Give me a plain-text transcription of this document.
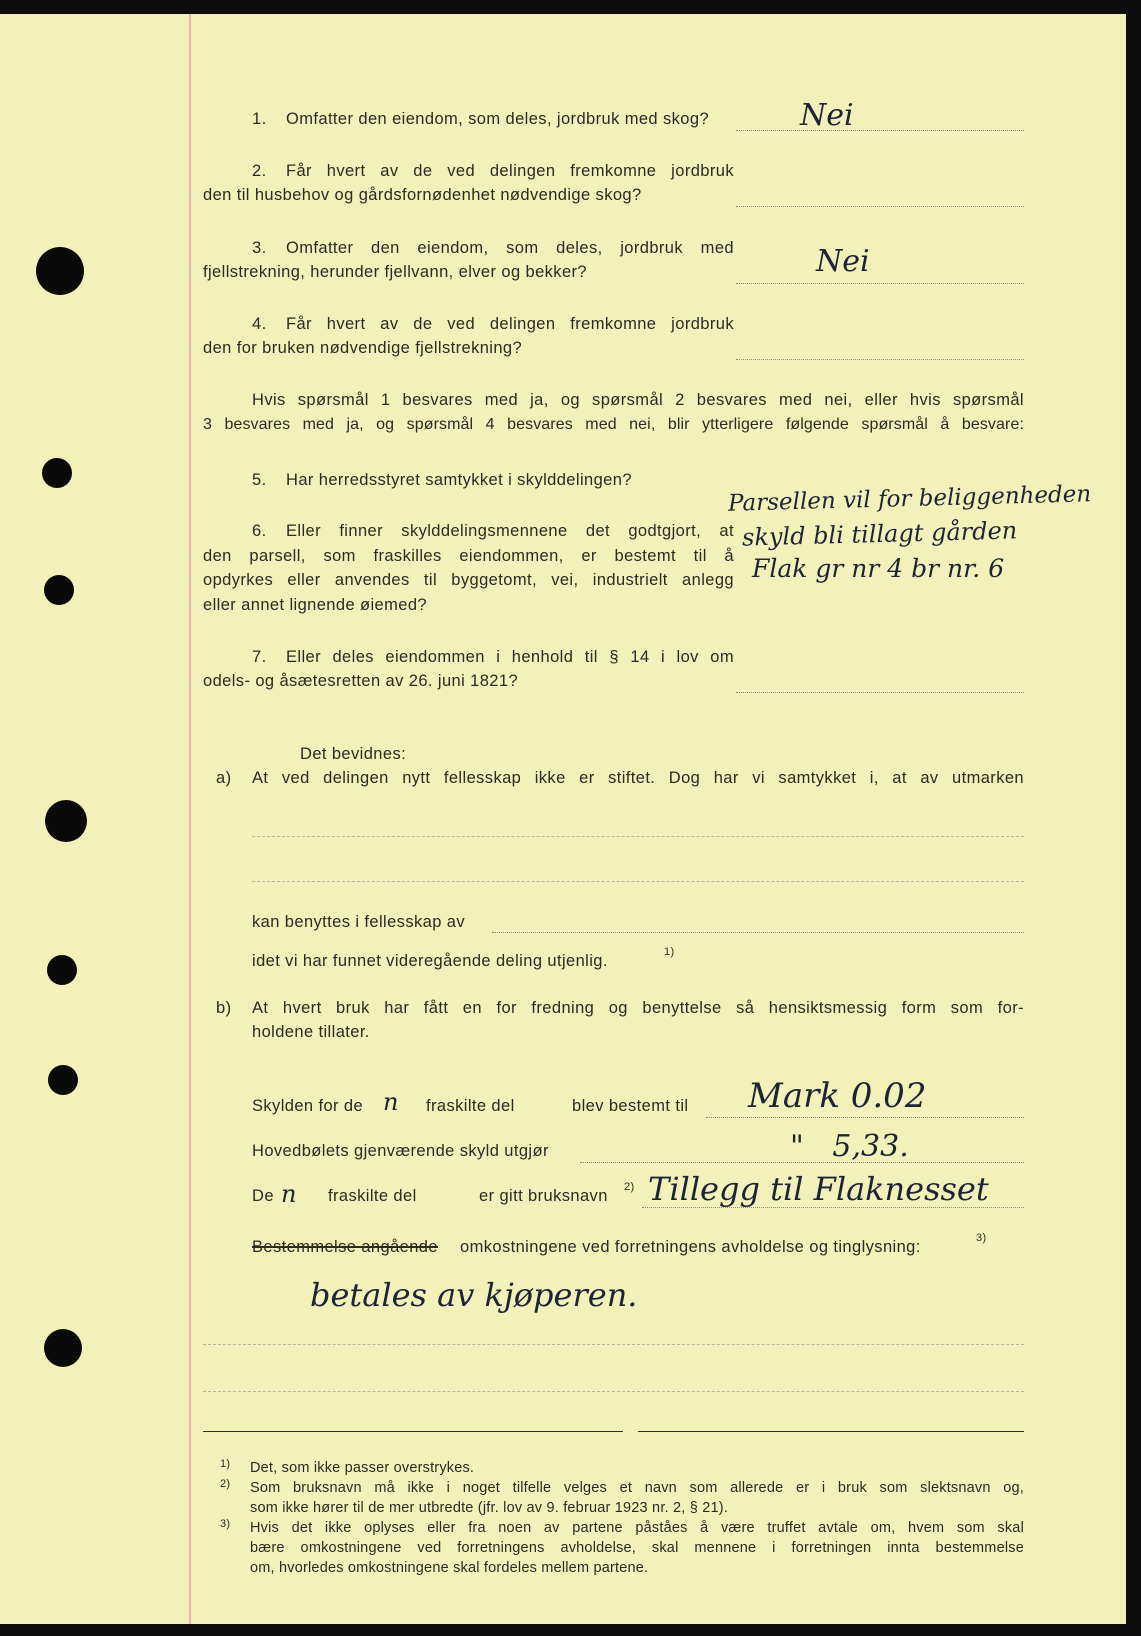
1. Omfatter den eiendom, som deles, jordbruk med skog?	Nei
2. Får hvert av de ved delingen fremkomne jordbruk
den til husbehov og gårdsfornødenhet nødvendige skog?
3. Omfatter den eiendom, som deles, jordbruk med
fjellstrekning, herunder fjellvann, elver og bekker?	Nei
4. Får hvert av de ved delingen fremkomne jordbruk
den for bruken nødvendige fjellstrekning?
Hvis spørsmål 1 besvares med ja, og spørsmål 2 besvares med nei, eller hvis spørsmål
3 besvares med ja, og spørsmål 4 besvares med nei, blir ytterligere følgende spørsmål å besvare:
5. Har herredsstyret samtykket i skylddelingen?
6. Eller finner skylddelingsmennene det godtgjort, at
den parsell, som fraskilles eiendommen, er bestemt til å
opdyrkes eller anvendes til byggetomt, vei, industrielt anlegg
eller annet lignende øiemed?
Parsellen vil for beliggenheden
skyld bli tillagt gården
Flak gr nr 4 br nr. 6
7. Eller deles eiendommen i henhold til § 14 i lov om
odels- og åsætesretten av 26. juni 1821?
Det bevidnes:
a) At ved delingen nytt fellesskap ikke er stiftet. Dog har vi samtykket i, at av utmarken
kan benyttes i fellesskap av
idet vi har funnet videregående deling utjenlig.	1)
b) At hvert bruk har fått en for fredning og benyttelse så hensiktsmessig form som for-
holdene tillater.
Skylden for de n fraskilte del	blev bestemt til Mark 0.02
Hovedbølets gjenværende skyld utgjør	"   5,33.
De n fraskilte del	er gitt bruksnavn 2) Tillegg til Flaknesset
Bestemmelse angående omkostningene ved forretningens avholdelse og tinglysning:	3)
betales av kjøperen.
1) Det, som ikke passer overstrykes.
2) Som bruksnavn må ikke i noget tilfelle velges et navn som allerede er i bruk som slektsnavn og,
som ikke hører til de mer utbredte (jfr. lov av 9. februar 1923 nr. 2, § 21).
3) Hvis det ikke oplyses eller fra noen av partene påståes å være truffet avtale om, hvem som skal
bære omkostningene ved forretningens avholdelse, skal mennene i forretningen innta bestemmelse
om, hvorledes omkostningene skal fordeles mellem partene.
